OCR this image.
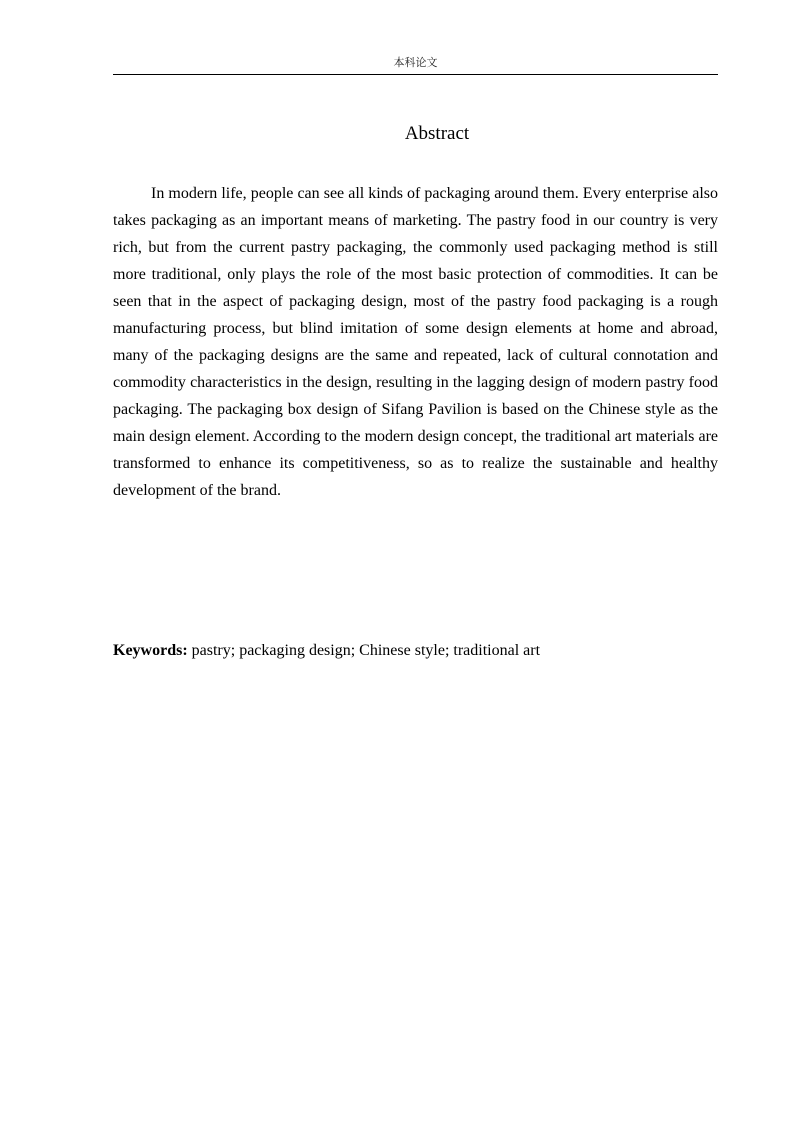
本科论文
Abstract

In modern life, people can see all kinds of packaging around them. Every enterprise also takes packaging as an important means of marketing. The pastry food in our country is very rich, but from the current pastry packaging, the commonly used packaging method is still more traditional, only plays the role of the most basic protection of commodities. It can be seen that in the aspect of packaging design, most of the pastry food packaging is a rough manufacturing process, but blind imitation of some design elements at home and abroad, many of the packaging designs are the same and repeated, lack of cultural connotation and commodity characteristics in the design, resulting in the lagging design of modern pastry food packaging. The packaging box design of Sifang Pavilion is based on the Chinese style as the main design element. According to the modern design concept, the traditional art materials are transformed to enhance its competitiveness, so as to realize the sustainable and healthy development of the brand.

Keywords: pastry; packaging design; Chinese style; traditional art
